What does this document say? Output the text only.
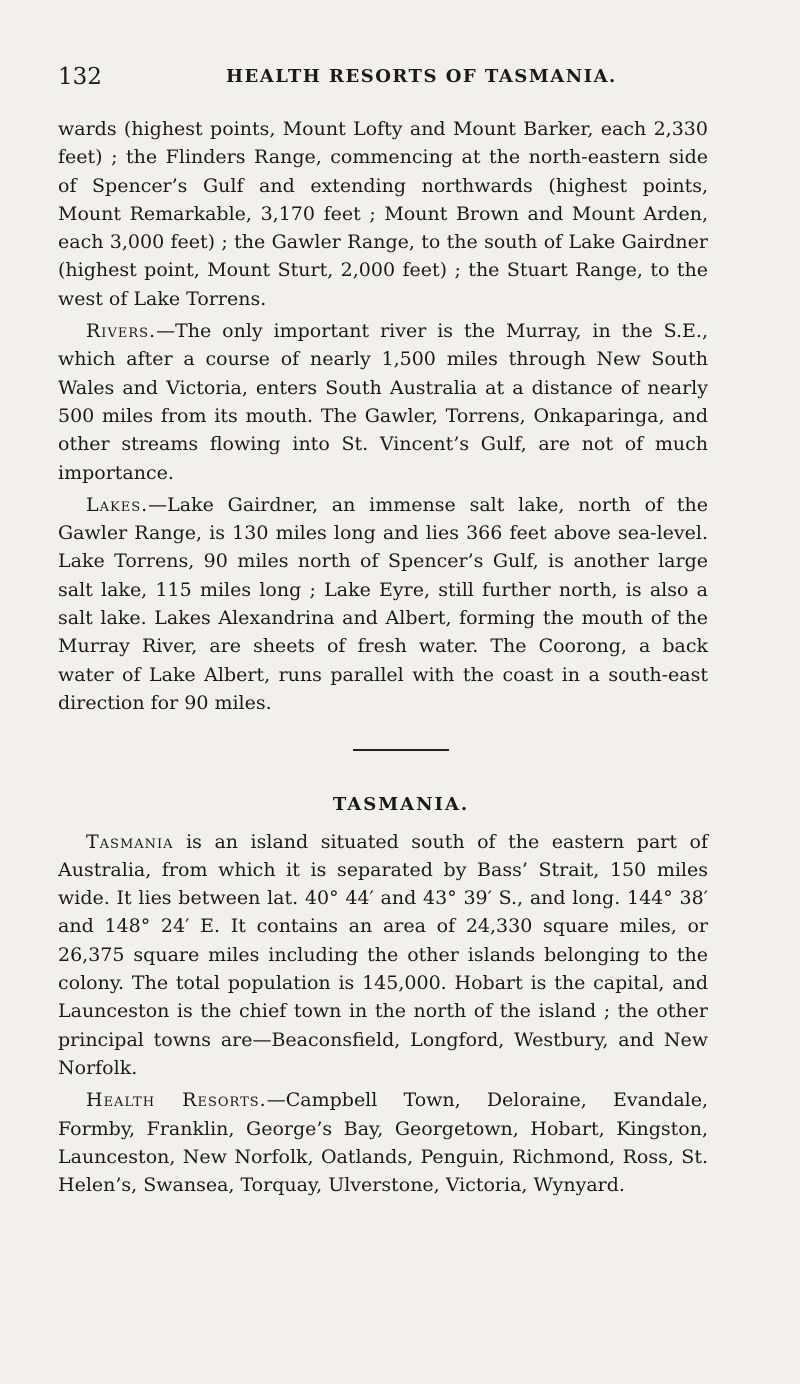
132	HEALTH RESORTS OF TASMANIA.

wards (highest points, Mount Lofty and Mount Barker, each 2,330 feet) ; the Flinders Range, commencing at the north-eastern side of Spencer’s Gulf and extending northwards (highest points, Mount Remarkable, 3,170 feet ; Mount Brown and Mount Arden, each 3,000 feet) ; the Gawler Range, to the south of Lake Gairdner (highest point, Mount Sturt, 2,000 feet) ; the Stuart Range, to the west of Lake Torrens.

Rivers.—The only important river is the Murray, in the S.E., which after a course of nearly 1,500 miles through New South Wales and Victoria, enters South Australia at a distance of nearly 500 miles from its mouth. The Gawler, Torrens, Onkaparinga, and other streams flowing into St. Vincent’s Gulf, are not of much importance.

Lakes.—Lake Gairdner, an immense salt lake, north of the Gawler Range, is 130 miles long and lies 366 feet above sea-level. Lake Torrens, 90 miles north of Spencer’s Gulf, is another large salt lake, 115 miles long ; Lake Eyre, still further north, is also a salt lake. Lakes Alexandrina and Albert, forming the mouth of the Murray River, are sheets of fresh water. The Coorong, a back water of Lake Albert, runs parallel with the coast in a south-east direction for 90 miles.

TASMANIA.

Tasmania is an island situated south of the eastern part of Australia, from which it is separated by Bass’ Strait, 150 miles wide. It lies between lat. 40° 44′ and 43° 39′ S., and long. 144° 38′ and 148° 24′ E. It contains an area of 24,330 square miles, or 26,375 square miles including the other islands belonging to the colony. The total population is 145,000. Hobart is the capital, and Launceston is the chief town in the north of the island ; the other principal towns are—Beaconsfield, Longford, Westbury, and New Norfolk.

Health Resorts.—Campbell Town, Deloraine, Evandale, Formby, Franklin, George’s Bay, Georgetown, Hobart, Kingston, Launceston, New Norfolk, Oatlands, Penguin, Richmond, Ross, St. Helen’s, Swansea, Torquay, Ulverstone, Victoria, Wynyard.
